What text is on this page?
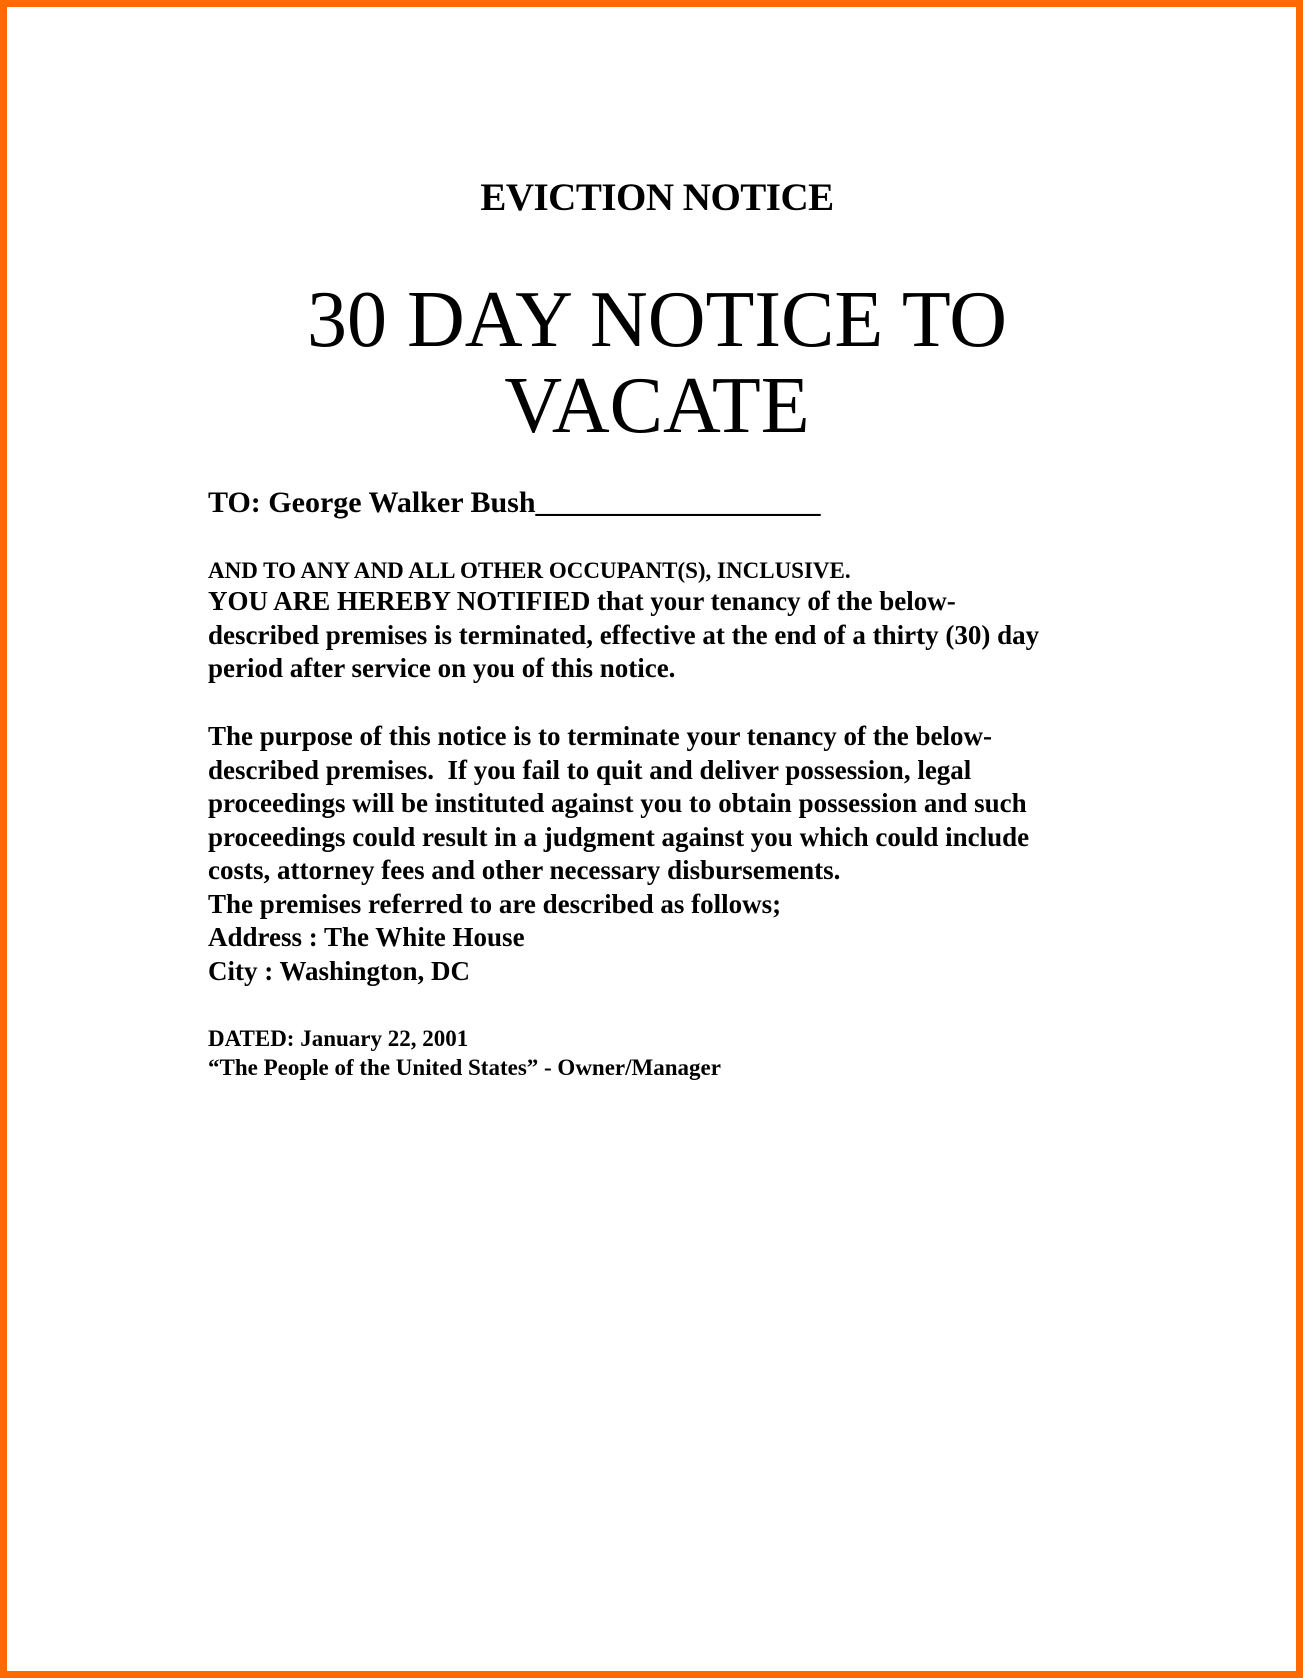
EVICTION NOTICE
30 DAY NOTICE TO
VACATE
TO: George Walker Bush___________________
AND TO ANY AND ALL OTHER OCCUPANT(S), INCLUSIVE.
YOU ARE HEREBY NOTIFIED that your tenancy of the below-
described premises is terminated, effective at the end of a thirty (30) day
period after service on you of this notice.
The purpose of this notice is to terminate your tenancy of the below-
described premises.  If you fail to quit and deliver possession, legal
proceedings will be instituted against you to obtain possession and such
proceedings could result in a judgment against you which could include
costs, attorney fees and other necessary disbursements.
The premises referred to are described as follows;
Address : The White House
City : Washington, DC
DATED: January 22, 2001
“The People of the United States” - Owner/Manager
